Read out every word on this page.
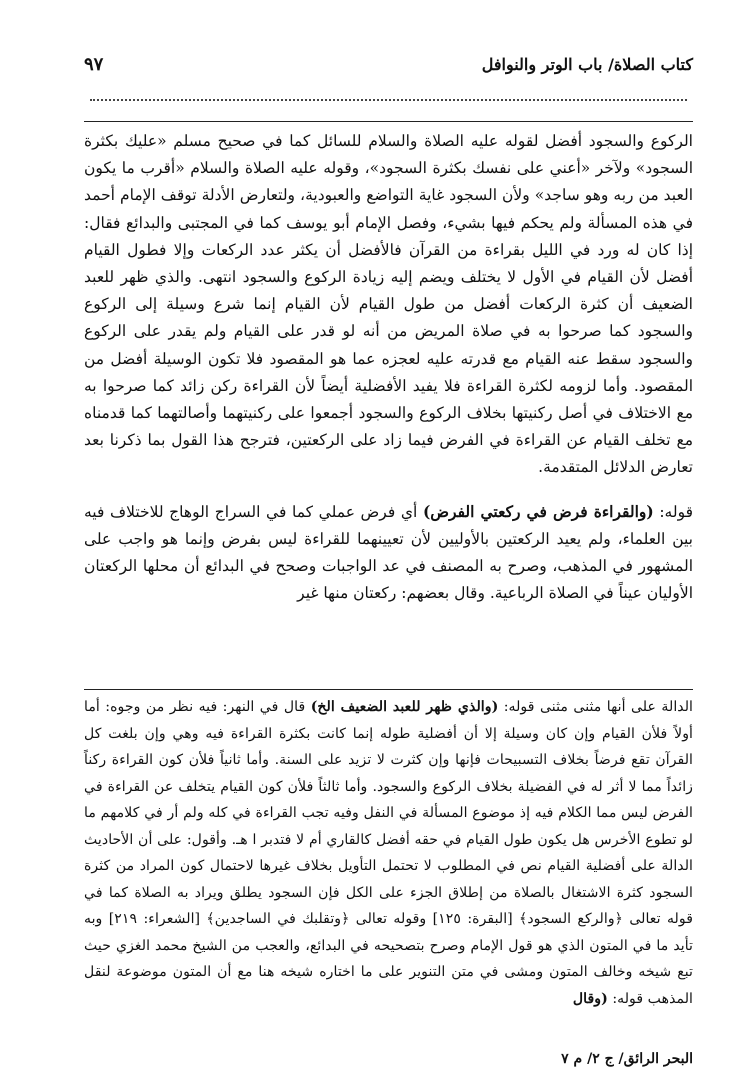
كتاب الصلاة/ باب الوتر والنوافل
٩٧

الركوع والسجود أفضل لقوله عليه الصلاة والسلام للسائل كما في صحيح مسلم «عليك بكثرة السجود» ولآخر «أعني على نفسك بكثرة السجود»، وقوله عليه الصلاة والسلام «أقرب ما يكون العبد من ربه وهو ساجد» ولأن السجود غاية التواضع والعبودية، ولتعارض الأدلة توقف الإمام أحمد في هذه المسألة ولم يحكم فيها بشيء، وفصل الإمام أبو يوسف كما في المجتبى والبدائع فقال: إذا كان له ورد في الليل بقراءة من القرآن فالأفضل أن يكثر عدد الركعات وإلا فطول القيام أفضل لأن القيام في الأول لا يختلف ويضم إليه زيادة الركوع والسجود انتهى. والذي ظهر للعبد الضعيف أن كثرة الركعات أفضل من طول القيام لأن القيام إنما شرع وسيلة إلى الركوع والسجود كما صرحوا به في صلاة المريض من أنه لو قدر على القيام ولم يقدر على الركوع والسجود سقط عنه القيام مع قدرته عليه لعجزه عما هو المقصود فلا تكون الوسيلة أفضل من المقصود. وأما لزومه لكثرة القراءة فلا يفيد الأفضلية أيضاً لأن القراءة ركن زائد كما صرحوا به مع الاختلاف في أصل ركنيتها بخلاف الركوع والسجود أجمعوا على ركنيتهما وأصالتهما كما قدمناه مع تخلف القيام عن القراءة في الفرض فيما زاد على الركعتين، فترجح هذا القول بما ذكرنا بعد تعارض الدلائل المتقدمة.

قوله: (والقراءة فرض في ركعتي الفرض) أي فرض عملي كما في السراج الوهاج للاختلاف فيه بين العلماء، ولم يعيد الركعتين بالأوليين لأن تعيينهما للقراءة ليس بفرض وإنما هو واجب على المشهور في المذهب، وصرح به المصنف في عد الواجبات وصحح في البدائع أن محلها الركعتان الأوليان عيناً في الصلاة الرباعية. وقال بعضهم: ركعتان منها غير

الدالة على أنها مثنى مثنى قوله: (والذي ظهر للعبد الضعيف الخ) قال في النهر: فيه نظر من وجوه: أما أولاً فلأن القيام وإن كان وسيلة إلا أن أفضلية طوله إنما كانت بكثرة القراءة فيه وهي وإن بلغت كل القرآن تقع فرضاً بخلاف التسبيحات فإنها وإن كثرت لا تزيد على السنة. وأما ثانياً فلأن كون القراءة ركناً زائداً مما لا أثر له في الفضيلة بخلاف الركوع والسجود. وأما ثالثاً فلأن كون القيام يتخلف عن القراءة في الفرض ليس مما الكلام فيه إذ موضوع المسألة في النفل وفيه تجب القراءة في كله ولم أر في كلامهم ما لو تطوع الأخرس هل يكون طول القيام في حقه أفضل كالقاري أم لا فتدبر ا هـ. وأقول: على أن الأحاديث الدالة على أفضلية القيام نص في المطلوب لا تحتمل التأويل بخلاف غيرها لاحتمال كون المراد من كثرة السجود كثرة الاشتغال بالصلاة من إطلاق الجزء على الكل فإن السجود يطلق ويراد به الصلاة كما في قوله تعالى ﴿والركع السجود﴾ [البقرة: ١٢٥] وقوله تعالى ﴿وتقلبك في الساجدين﴾ [الشعراء: ٢١٩] وبه تأيد ما في المتون الذي هو قول الإمام وصرح بتصحيحه في البدائع، والعجب من الشيخ محمد الغزي حيث تبع شيخه وخالف المتون ومشى في متن التنوير على ما اختاره شيخه هنا مع أن المتون موضوعة لنقل المذهب قوله: (وقال

البحر الرائق/ ج ٢/ م ٧
